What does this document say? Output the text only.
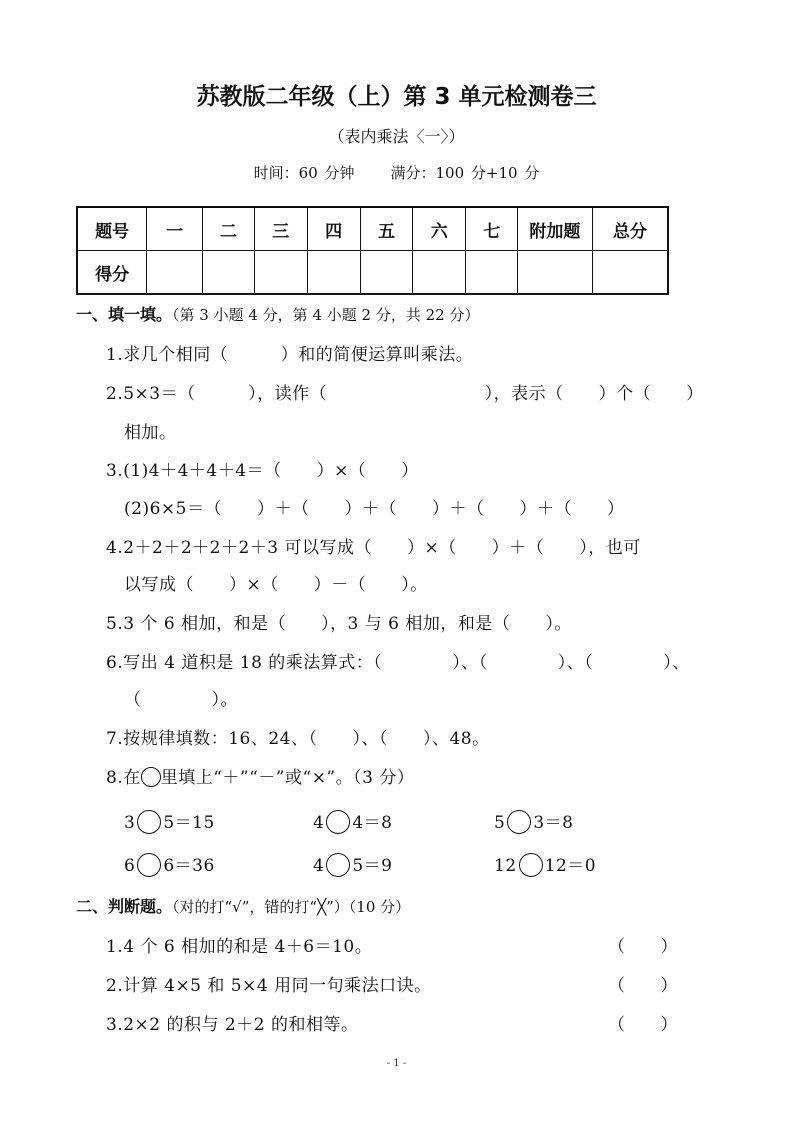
苏教版二年级（上）第 3 单元检测卷三
（表内乘法〈一〉）
时间：60 分钟 满分：100 分+10 分
题号	一	二	三	四	五	六	七	附加题	总分
得分									
一、填一填。（第 3 小题 4 分，第 4 小题 2 分，共 22 分）
1.求几个相同（　　　）和的简便运算叫乘法。
2.5×3＝（　　　），读作（　　　　　　　　　），表示（　　）个（　　）
相加。
3.(1)4＋4＋4＋4＝（　　）×（　　）
(2)6×5＝（　　）＋（　　）＋（　　）＋（　　）＋（　　）
4.2＋2＋2＋2＋2＋3 可以写成（　　）×（　　）＋（　　），也可
以写成（　　）×（　　）－（　　）。
5.3 个 6 相加，和是（　　），3 与 6 相加，和是（　　）。
6.写出 4 道积是 18 的乘法算式：（　　　　）、（　　　　）、（　　　　）、
（　　　　）。
7.按规律填数：16、24、（　　）、（　　）、48。
8.在 里填上“＋”“－”或“×”。（3 分）
3 5＝15	4 4＝8	5 3＝8
6 6＝36	4 5＝9	12 12＝0
二、判断题。（对的打“√”，错的打“╳”）（10 分）
1.4 个 6 相加的和是 4＋6＝10。	（　　）
2.计算 4×5 和 5×4 用同一句乘法口诀。	（　　）
3.2×2 的积与 2＋2 的和相等。	（　　）
- 1 -
